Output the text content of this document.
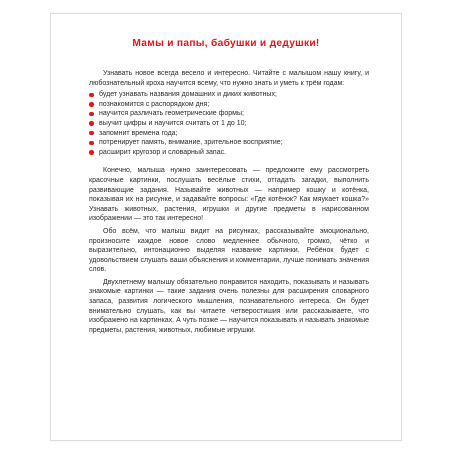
Мамы и папы, бабушки и дедушки!

Узнавать новое всегда весело и интересно. Читайте с малышом нашу книгу, и любознательный кроха научится всему, что нужно знать и уметь к трём годам:

будет узнавать названия домашних и диких животных;
познакомится с распорядком дня;
научится различать геометрические формы;
выучит цифры и научится считать от 1 до 10;
запомнит времена года;
потренирует память, внимание, зрительное восприятие;
расширит кругозор и словарный запас.

Конечно, малыша нужно заинтересовать — предложите ему рассмотреть красочные картинки, послушать весёлые стихи, отгадать загадки, выполнить развивающие задания. Называйте животных — например кошку и котёнка, показывая их на рисунке, и задавайте вопросы: «Где котёнок? Как мяукает кошка?» Узнавать животных, растения, игрушки и другие предметы в нарисованном изображении — это так интересно!

Обо всём, что малыш видит на рисунках, рассказывайте эмоционально, произносите каждое новое слово медленнее обычного, громко, чётко и выразительно, интонационно выделяя название картинки. Ребёнок будет с удовольствием слушать ваши объяснения и комментарии, лучше понимать значения слов.

Двухлетнему малышу обязательно понравится находить, показывать и называть знакомые картинки — такие задания очень полезны для расширения словарного запаса, развития логического мышления, познавательного интереса. Он будет внимательно слушать, как вы читаете четверостишия или рассказываете, что изображено на картинках. А чуть позже — научится показывать и называть знакомые предметы, растения, животных, любимые игрушки.
